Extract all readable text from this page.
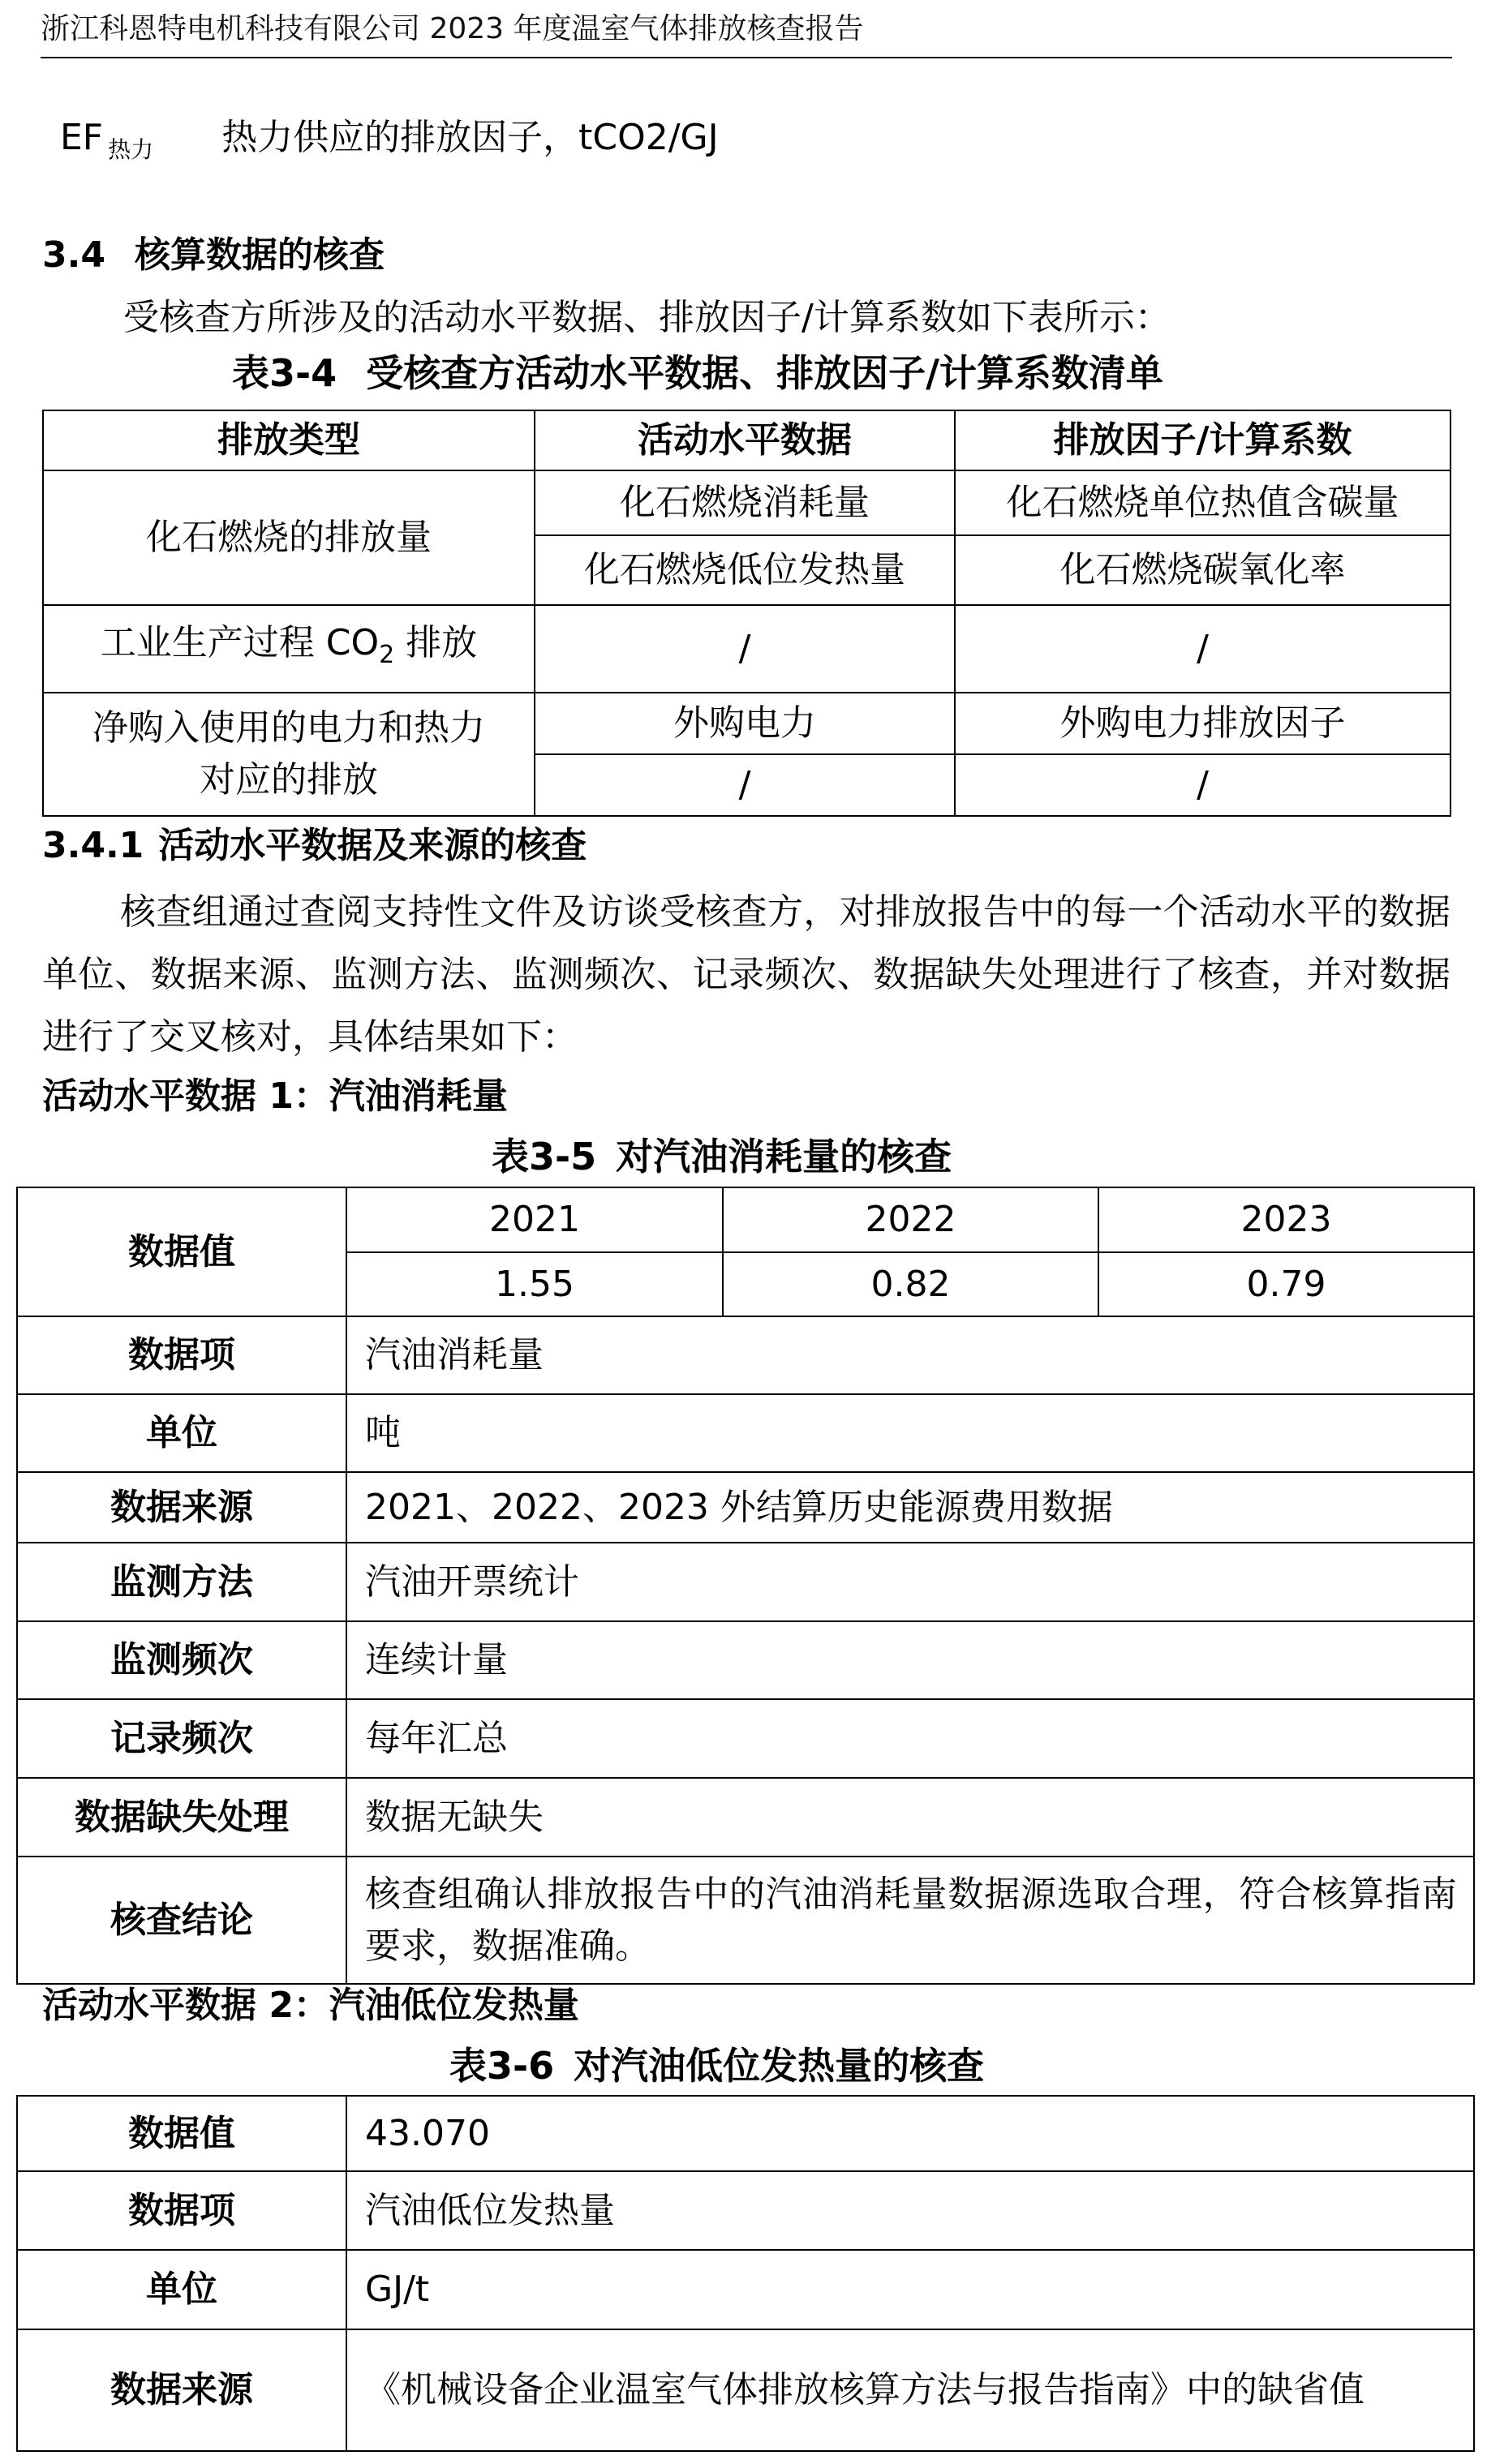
浙江科恩特电机科技有限公司 2023 年度温室气体排放核查报告
EF $_{热力}$ 热力供应的排放因子，tCO2/GJ
3.4 核算数据的核查
受核查方所涉及的活动水平数据、排放因子/计算系数如下表所示：
表3-4 受核查方活动水平数据、排放因子/计算系数清单
排放类型	活动水平数据	排放因子/计算系数
化石燃烧的排放量	化石燃烧消耗量	化石燃烧单位热值含碳量
	化石燃烧低位发热量	化石燃烧碳氧化率
工业生产过程 $CO_2$ 排放	/	/
净购入使用的电力和热力对应的排放	外购电力	外购电力排放因子
	/	/
3.4.1 活动水平数据及来源的核查
核查组通过查阅支持性文件及访谈受核查方，对排放报告中的每一个活动水平的数据单位、数据来源、监测方法、监测频次、记录频次、数据缺失处理进行了核查，并对数据进行了交叉核对，具体结果如下：
活动水平数据 1：汽油消耗量
表3-5 对汽油消耗量的核查
数据值	2021	2022	2023
	1.55	0.82	0.79
数据项	汽油消耗量		
单位	吨		
数据来源	2021、2022、2023 外结算历史能源费用数据		
监测方法	汽油开票统计		
监测频次	连续计量		
记录频次	每年汇总		
数据缺失处理	数据无缺失		
核查结论	核查组确认排放报告中的汽油消耗量数据源选取合理，符合核算指南要求，数据准确。		
活动水平数据 2：汽油低位发热量
表3-6 对汽油低位发热量的核查
数据值	43.070
数据项	汽油低位发热量
单位	GJ/t
数据来源	《机械设备企业温室气体排放核算方法与报告指南》中的缺省值
